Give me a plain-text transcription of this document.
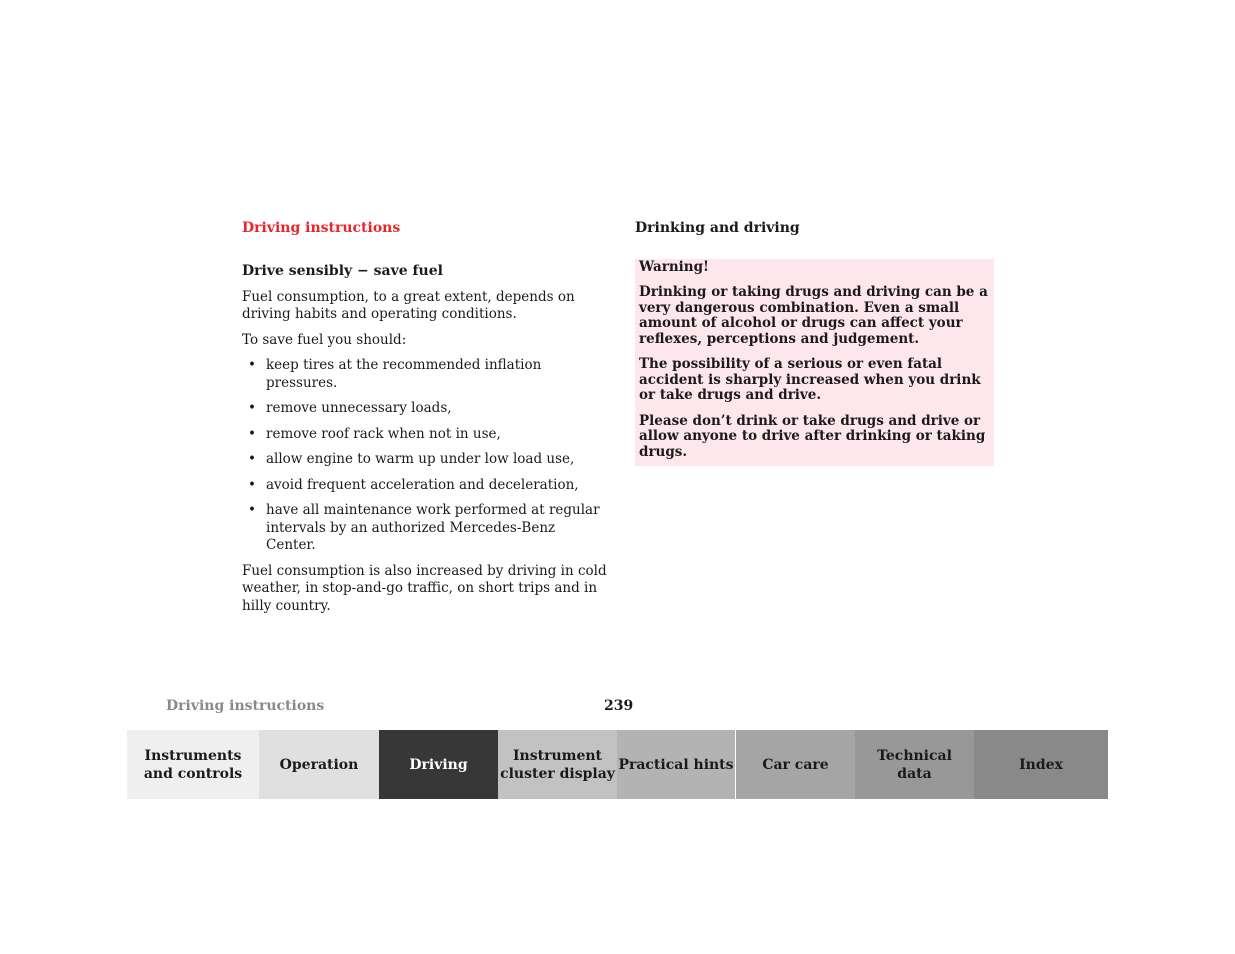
Driving instructions	Drinking and driving
Drive sensibly − save fuel

Fuel consumption, to a great extent, depends on driving habits and operating conditions.

To save fuel you should:

• keep tires at the recommended inflation pressures.
• remove unnecessary loads,
• remove roof rack when not in use,
• allow engine to warm up under low load use,
• avoid frequent acceleration and deceleration,
• have all maintenance work performed at regular intervals by an authorized Mercedes-Benz Center.

Fuel consumption is also increased by driving in cold weather, in stop-and-go traffic, on short trips and in hilly country.

Warning!

Drinking or taking drugs and driving can be a very dangerous combination. Even a small amount of alcohol or drugs can affect your reflexes, perceptions and judgement.

The possibility of a serious or even fatal accident is sharply increased when you drink or take drugs and drive.

Please don’t drink or take drugs and drive or allow anyone to drive after drinking or taking drugs.

Driving instructions	239
Instruments
and controls
Operation	Driving
Instrument
cluster display
Practical hints	Car care
Technical
data
Index
